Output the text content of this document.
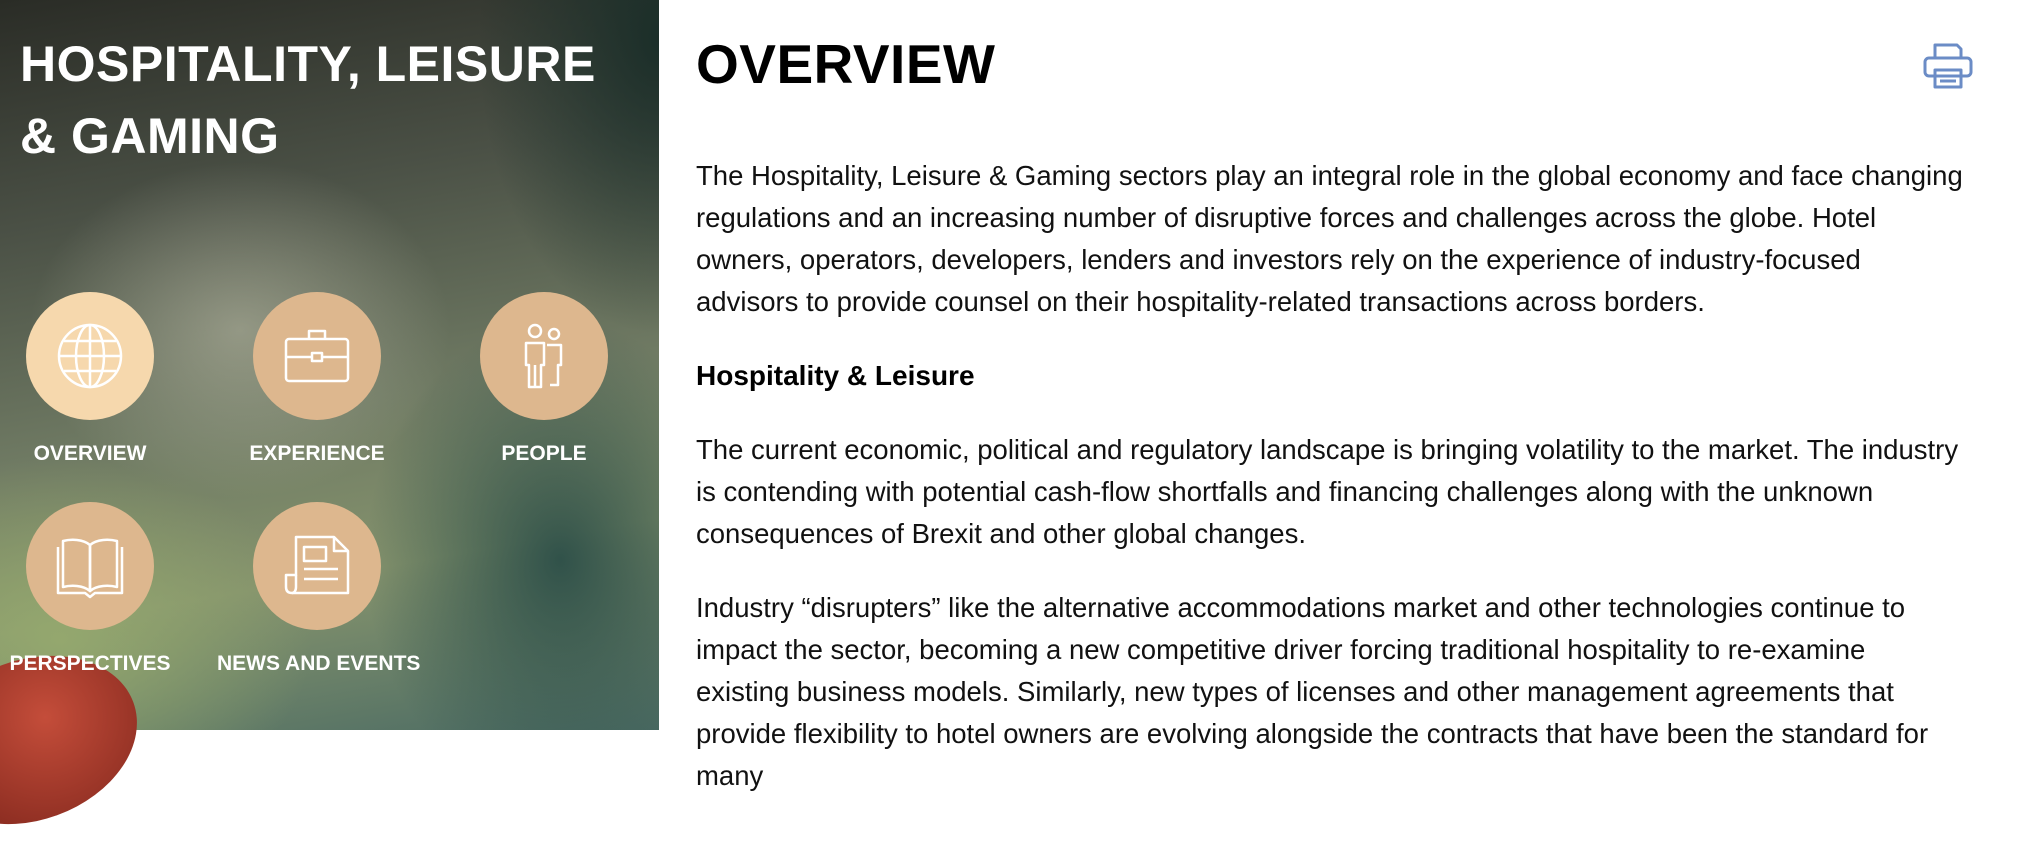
HOSPITALITY, LEISURE & GAMING
OVERVIEW	EXPERIENCE	PEOPLE
PERSPECTIVES	NEWS AND EVENTS
OVERVIEW

The Hospitality, Leisure & Gaming sectors play an integral role in the global economy and face changing regulations and an increasing number of disruptive forces and challenges across the globe. Hotel owners, operators, developers, lenders and investors rely on the experience of industry-focused advisors to provide counsel on their hospitality-related transactions across borders.

Hospitality & Leisure

The current economic, political and regulatory landscape is bringing volatility to the market. The industry is contending with potential cash-flow shortfalls and financing challenges along with the unknown consequences of Brexit and other global changes.

Industry “disrupters” like the alternative accommodations market and other technologies continue to impact the sector, becoming a new competitive driver forcing traditional hospitality to re-examine existing business models. Similarly, new types of licenses and other management agreements that provide flexibility to hotel owners are evolving alongside the contracts that have been the standard for many
